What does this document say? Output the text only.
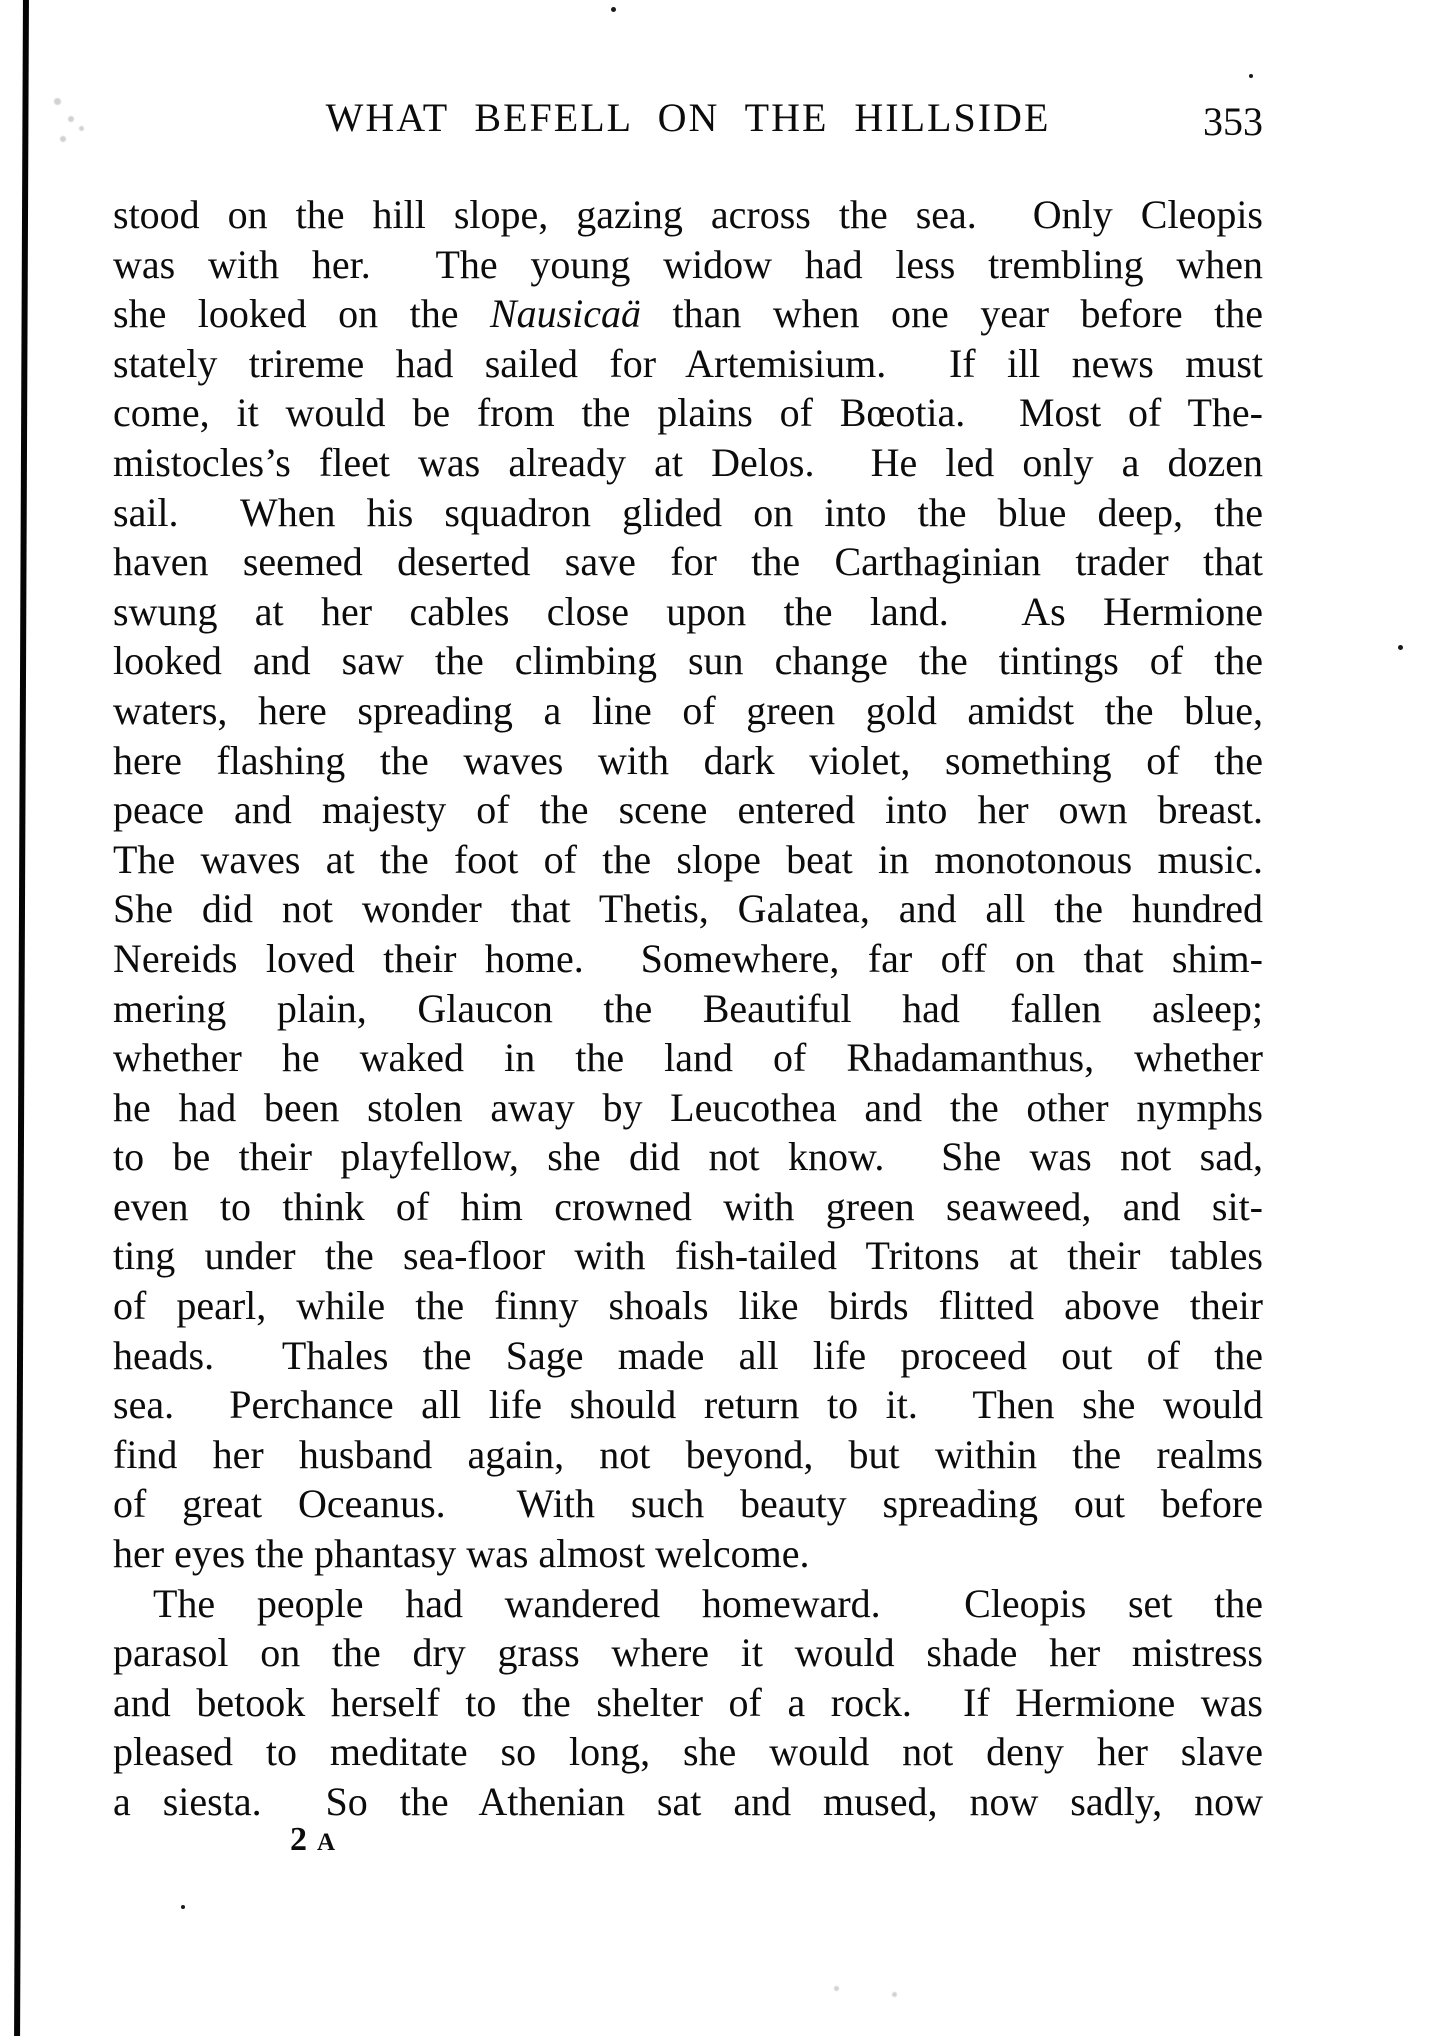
WHAT BEFELL ON THE HILLSIDE	353
stood on the hill slope, gazing across the sea.  Only Cleopis
was with her.  The young widow had less trembling when
she looked on the Nausicaä than when one year before the
stately trireme had sailed for Artemisium.  If ill news must
come, it would be from the plains of Bœotia.  Most of The-
mistocles’s fleet was already at Delos.  He led only a dozen
sail.  When his squadron glided on into the blue deep, the
haven seemed deserted save for the Carthaginian trader that
swung at her cables close upon the land.  As Hermione
looked and saw the climbing sun change the tintings of the
waters, here spreading a line of green gold amidst the blue,
here flashing the waves with dark violet, something of the
peace and majesty of the scene entered into her own breast.
The waves at the foot of the slope beat in monotonous music.
She did not wonder that Thetis, Galatea, and all the hundred
Nereids loved their home.  Somewhere, far off on that shim-
mering plain, Glaucon the Beautiful had fallen asleep;
whether he waked in the land of Rhadamanthus, whether
he had been stolen away by Leucothea and the other nymphs
to be their playfellow, she did not know.  She was not sad,
even to think of him crowned with green seaweed, and sit-
ting under the sea-floor with fish-tailed Tritons at their tables
of pearl, while the finny shoals like birds flitted above their
heads.  Thales the Sage made all life proceed out of the
sea.  Perchance all life should return to it.  Then she would
find her husband again, not beyond, but within the realms
of great Oceanus.  With such beauty spreading out before
her eyes the phantasy was almost welcome.
The people had wandered homeward.  Cleopis set the
parasol on the dry grass where it would shade her mistress
and betook herself to the shelter of a rock.  If Hermione was
pleased to meditate so long, she would not deny her slave
a siesta.  So the Athenian sat and mused, now sadly, now
2 A
